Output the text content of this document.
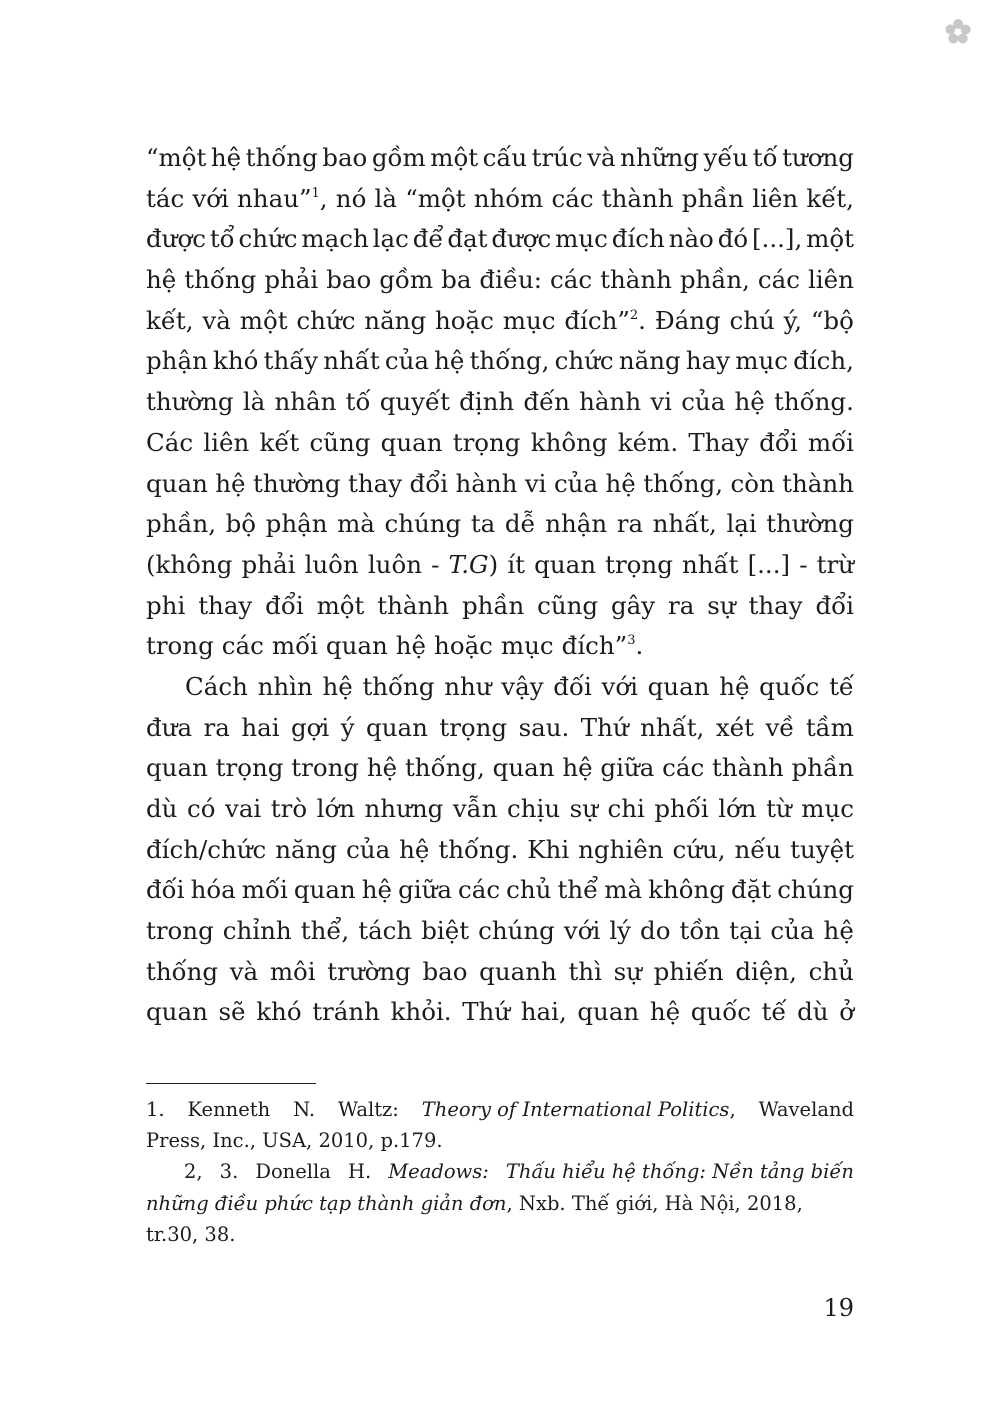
“một hệ thống bao gồm một cấu trúc và những yếu tố tương
tác với nhau”$^1$, nó là “một nhóm các thành phần liên kết,
được tổ chức mạch lạc để đạt được mục đích nào đó [...], một
hệ thống phải bao gồm ba điều: các thành phần, các liên
kết, và một chức năng hoặc mục đích”$^2$. Đáng chú ý, “bộ
phận khó thấy nhất của hệ thống, chức năng hay mục đích,
thường là nhân tố quyết định đến hành vi của hệ thống.
Các liên kết cũng quan trọng không kém. Thay đổi mối
quan hệ thường thay đổi hành vi của hệ thống, còn thành
phần, bộ phận mà chúng ta dễ nhận ra nhất, lại thường
(không phải luôn luôn - T.G) ít quan trọng nhất [...] - trừ
phi thay đổi một thành phần cũng gây ra sự thay đổi
trong các mối quan hệ hoặc mục đích”$^3$.
Cách nhìn hệ thống như vậy đối với quan hệ quốc tế
đưa ra hai gợi ý quan trọng sau. Thứ nhất, xét về tầm
quan trọng trong hệ thống, quan hệ giữa các thành phần
dù có vai trò lớn nhưng vẫn chịu sự chi phối lớn từ mục
đích/chức năng của hệ thống. Khi nghiên cứu, nếu tuyệt
đối hóa mối quan hệ giữa các chủ thể mà không đặt chúng
trong chỉnh thể, tách biệt chúng với lý do tồn tại của hệ
thống và môi trường bao quanh thì sự phiến diện, chủ
quan sẽ khó tránh khỏi. Thứ hai, quan hệ quốc tế dù ở
1. Kenneth N. Waltz: Theory of International Politics, Waveland
Press, Inc., USA, 2010, p.179.
2, 3. Donella H. Meadows: Thấu hiểu hệ thống: Nền tảng biến
những điều phức tạp thành giản đơn, Nxb. Thế giới, Hà Nội, 2018,
tr.30, 38.
19
